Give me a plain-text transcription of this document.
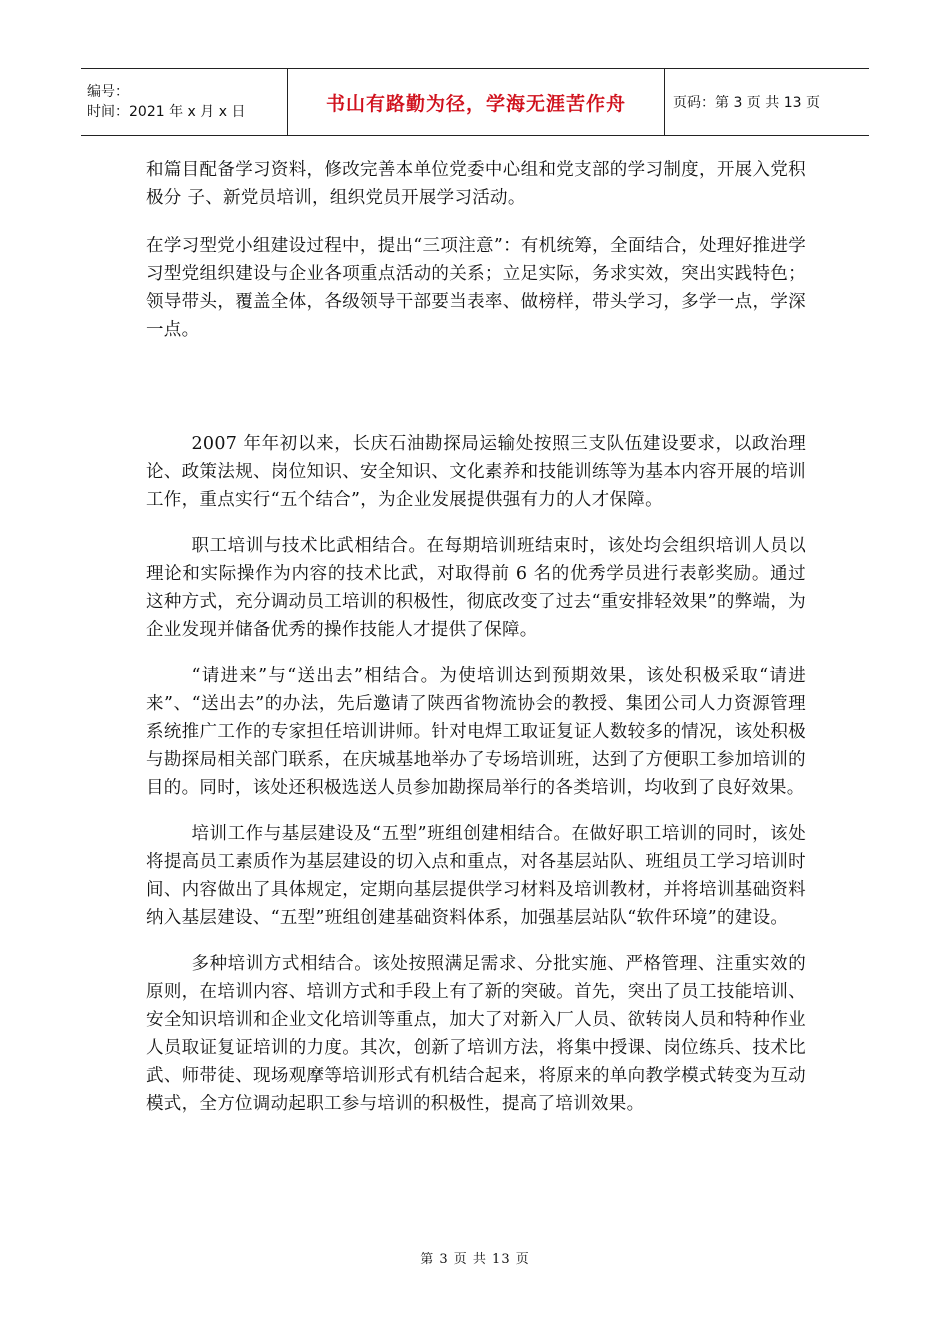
编号：
时间：2021 年 x 月 x 日	书山有路勤为径，学海无涯苦作舟	页码：第 3 页 共 13 页

和篇目配备学习资料，修改完善本单位党委中心组和党支部的学习制度，开展入党积极分 子、新党员培训，组织党员开展学习活动。

在学习型党小组建设过程中，提出“三项注意”：有机统筹，全面结合，处理好推进学习型党组织建设与企业各项重点活动的关系；立足实际，务求实效，突出实践特色；领导带头，覆盖全体，各级领导干部要当表率、做榜样，带头学习，多学一点，学深一点。

2007 年年初以来，长庆石油勘探局运输处按照三支队伍建设要求，以政治理论、政策法规、岗位知识、安全知识、文化素养和技能训练等为基本内容开展的培训工作，重点实行“五个结合”，为企业发展提供强有力的人才保障。

职工培训与技术比武相结合。在每期培训班结束时，该处均会组织培训人员以理论和实际操作为内容的技术比武，对取得前 6 名的优秀学员进行表彰奖励。通过这种方式，充分调动员工培训的积极性，彻底改变了过去“重安排轻效果”的弊端，为企业发现并储备优秀的操作技能人才提供了保障。

“请进来”与“送出去”相结合。为使培训达到预期效果，该处积极采取“请进来”、“送出去”的办法，先后邀请了陕西省物流协会的教授、集团公司人力资源管理系统推广工作的专家担任培训讲师。针对电焊工取证复证人数较多的情况，该处积极与勘探局相关部门联系，在庆城基地举办了专场培训班，达到了方便职工参加培训的目的。同时，该处还积极选送人员参加勘探局举行的各类培训，均收到了良好效果。

培训工作与基层建设及“五型”班组创建相结合。在做好职工培训的同时，该处将提高员工素质作为基层建设的切入点和重点，对各基层站队、班组员工学习培训时间、内容做出了具体规定，定期向基层提供学习材料及培训教材，并将培训基础资料纳入基层建设、“五型”班组创建基础资料体系，加强基层站队“软件环境”的建设。

多种培训方式相结合。该处按照满足需求、分批实施、严格管理、注重实效的原则，在培训内容、培训方式和手段上有了新的突破。首先，突出了员工技能培训、安全知识培训和企业文化培训等重点，加大了对新入厂人员、欲转岗人员和特种作业人员取证复证培训的力度。其次，创新了培训方法，将集中授课、岗位练兵、技术比武、师带徒、现场观摩等培训形式有机结合起来，将原来的单向教学模式转变为互动模式，全方位调动起职工参与培训的积极性，提高了培训效果。

第 3 页 共 13 页
